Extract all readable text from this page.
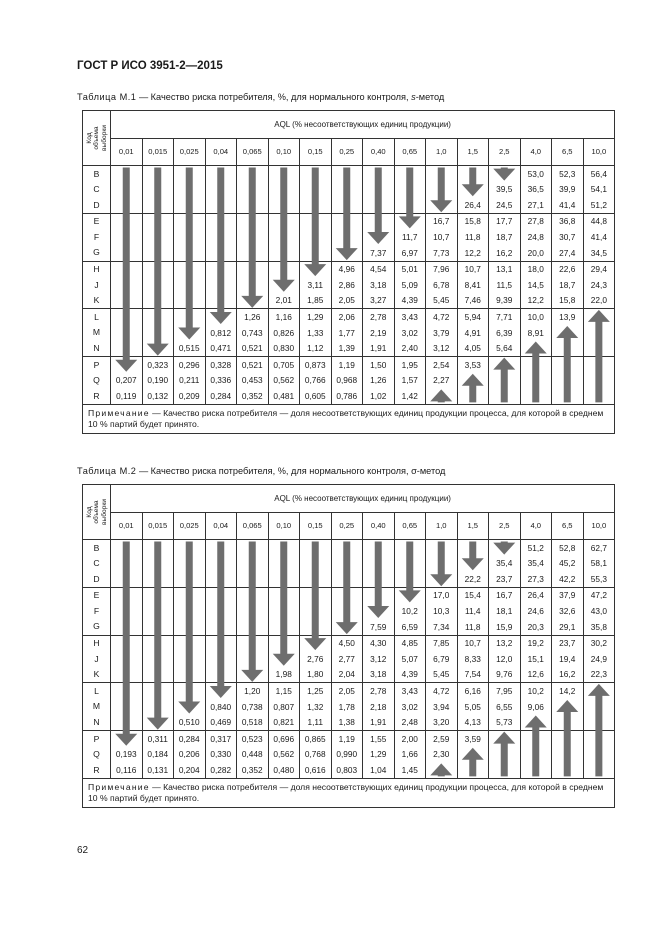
ГОСТ Р ИСО 3951-2—2015
Таблица М.1 — Качество риска потребителя, %, для нормального контроля, s-метод
Код объема выборки	AQL (% несоответствующих единиц продукции)															
	0,01	0,015	0,025	0,04	0,065	0,10	0,15	0,25	0,40	0,65	1,0	1,5	2,5	4,0	6,5	10,0
B														53,0	52,3	56,4
C													39,5	36,5	39,9	54,1
D												26,4	24,5	27,1	41,4	51,2
E											16,7	15,8	17,7	27,8	36,8	44,8
F										11,7	10,7	11,8	18,7	24,8	30,7	41,4
G									7,37	6,97	7,73	12,2	16,2	20,0	27,4	34,5
H								4,96	4,54	5,01	7,96	10,7	13,1	18,0	22,6	29,4
J							3,11	2,86	3,18	5,09	6,78	8,41	11,5	14,5	18,7	24,3
K						2,01	1,85	2,05	3,27	4,39	5,45	7,46	9,39	12,2	15,8	22,0
L					1,26	1,16	1,29	2,06	2,78	3,43	4,72	5,94	7,71	10,0	13,9	
M				0,812	0,743	0,826	1,33	1,77	2,19	3,02	3,79	4,91	6,39	8,91		
N			0,515	0,471	0,521	0,830	1,12	1,39	1,91	2,40	3,12	4,05	5,64			
P		0,323	0,296	0,328	0,521	0,705	0,873	1,19	1,50	1,95	2,54	3,53				
Q	0,207	0,190	0,211	0,336	0,453	0,562	0,766	0,968	1,26	1,57	2,27					
R	0,119	0,132	0,209	0,284	0,352	0,481	0,605	0,786	1,02	1,42						
Примечание — Качество риска потребителя — доля несоответствующих единиц продукции процесса, для которой в среднем 10 % партий будет принято.																
Таблица М.2 — Качество риска потребителя, %, для нормального контроля, σ-метод
Код объема выборки	AQL (% несоответствующих единиц продукции)															
	0,01	0,015	0,025	0,04	0,065	0,10	0,15	0,25	0,40	0,65	1,0	1,5	2,5	4,0	6,5	10,0
B														51,2	52,8	62,7
C													35,4	35,4	45,2	58,1
D												22,2	23,7	27,3	42,2	55,3
E											17,0	15,4	16,7	26,4	37,9	47,2
F										10,2	10,3	11,4	18,1	24,6	32,6	43,0
G									7,59	6,59	7,34	11,8	15,9	20,3	29,1	35,8
H								4,50	4,30	4,85	7,85	10,7	13,2	19,2	23,7	30,2
J							2,76	2,77	3,12	5,07	6,79	8,33	12,0	15,1	19,4	24,9
K						1,98	1,80	2,04	3,18	4,39	5,45	7,54	9,76	12,6	16,2	22,3
L					1,20	1,15	1,25	2,05	2,78	3,43	4,72	6,16	7,95	10,2	14,2	
M				0,840	0,738	0,807	1,32	1,78	2,18	3,02	3,94	5,05	6,55	9,06		
N			0,510	0,469	0,518	0,821	1,11	1,38	1,91	2,48	3,20	4,13	5,73			
P		0,311	0,284	0,317	0,523	0,696	0,865	1,19	1,55	2,00	2,59	3,59				
Q	0,193	0,184	0,206	0,330	0,448	0,562	0,768	0,990	1,29	1,66	2,30					
R	0,116	0,131	0,204	0,282	0,352	0,480	0,616	0,803	1,04	1,45						
Примечание — Качество риска потребителя — доля несоответствующих единиц продукции процесса, для которой в среднем 10 % партий будет принято.																
62
